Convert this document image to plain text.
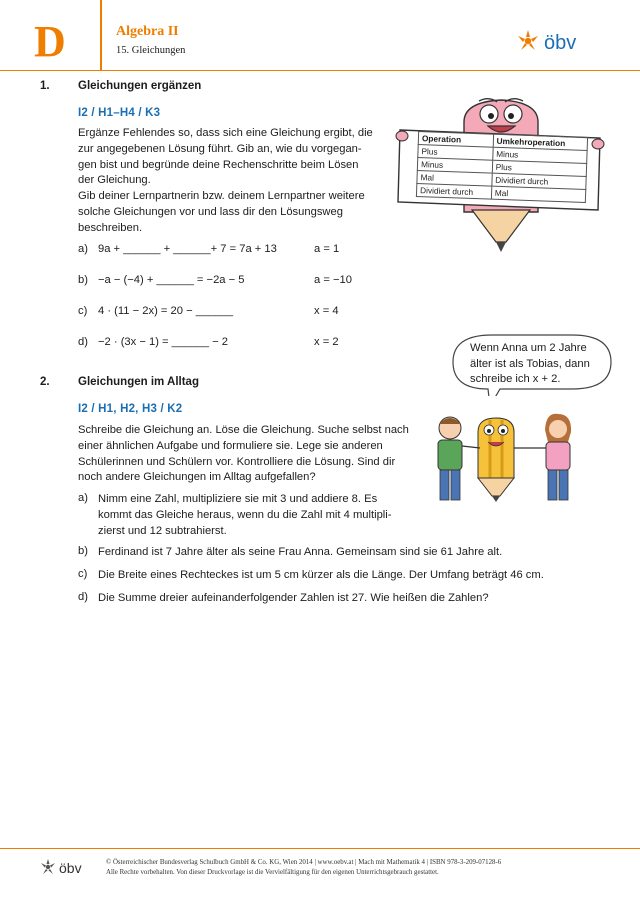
D	Algebra II
15. Gleichungen	öbv
1. Gleichungen ergänzen
I2 / H1–H4 / K3
Ergänze Fehlendes so, dass sich eine Gleichung ergibt, die
zur angegebenen Lösung führt. Gib an, wie du vorgegan-
gen bist und begründe deine Rechenschritte beim Lösen
der Gleichung.
Gib deiner Lernpartnerin bzw. deinem Lernpartner weitere
solche Gleichungen vor und lass dir den Lösungsweg
beschreiben.
a) 9a + ______ + ______+ 7 = 7a + 13	a = 1
b) −a − (−4) + ______ = −2a − 5	a = −10
c) 4 · (11 − 2x) = 20 − ______	x = 4
d) −2 · (3x − 1) = ______ − 2	x = 2
Operation	Umkehroperation
Plus	Minus
Minus	Plus
Mal	Dividiert durch
Dividiert durch	Mal
2. Gleichungen im Alltag
I2 / H1, H2, H3 / K2
Schreibe die Gleichung an. Löse die Gleichung. Suche selbst nach
einer ähnlichen Aufgabe und formuliere sie. Lege sie anderen
Schülerinnen und Schülern vor. Kontrolliere die Lösung. Sind dir
noch andere Gleichungen im Alltag aufgefallen?
Wenn Anna um 2 Jahre
älter ist als Tobias, dann
schreibe ich x + 2.
a) Nimm eine Zahl, multipliziere sie mit 3 und addiere 8. Es
kommt das Gleiche heraus, wenn du die Zahl mit 4 multipli-
zierst und 12 subtrahierst.
b) Ferdinand ist 7 Jahre älter als seine Frau Anna. Gemeinsam sind sie 61 Jahre alt.
c) Die Breite eines Rechteckes ist um 5 cm kürzer als die Länge. Der Umfang beträgt 46 cm.
d) Die Summe dreier aufeinanderfolgender Zahlen ist 27. Wie heißen die Zahlen?
öbv	© Österreichischer Bundesverlag Schulbuch GmbH & Co. KG, Wien 2014 | www.oebv.at | Mach mit Mathematik 4 | ISBN 978-3-209-07128-6
Alle Rechte vorbehalten. Von dieser Druckvorlage ist die Vervielfältigung für den eigenen Unterrichtsgebrauch gestattet.
